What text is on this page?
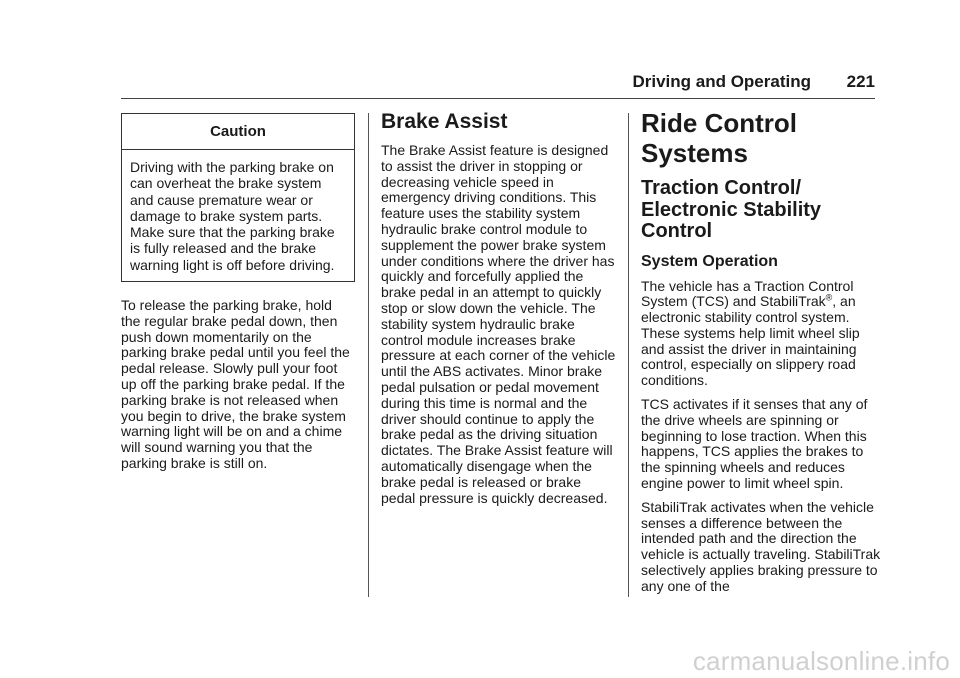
Driving and Operating 221
Caution
Driving with the parking brake on can overheat the brake system and cause premature wear or damage to brake system parts. Make sure that the parking brake is fully released and the brake warning light is off before driving.

To release the parking brake, hold the regular brake pedal down, then push down momentarily on the parking brake pedal until you feel the pedal release. Slowly pull your foot up off the parking brake pedal. If the parking brake is not released when you begin to drive, the brake system warning light will be on and a chime will sound warning you that the parking brake is still on.

Brake Assist

The Brake Assist feature is designed to assist the driver in stopping or decreasing vehicle speed in emergency driving conditions. This feature uses the stability system hydraulic brake control module to supplement the power brake system under conditions where the driver has quickly and forcefully applied the brake pedal in an attempt to quickly stop or slow down the vehicle. The stability system hydraulic brake control module increases brake pressure at each corner of the vehicle until the ABS activates. Minor brake pedal pulsation or pedal movement during this time is normal and the driver should continue to apply the brake pedal as the driving situation dictates. The Brake Assist feature will automatically disengage when the brake pedal is released or brake pedal pressure is quickly decreased.

Ride Control Systems
Traction Control/ Electronic Stability Control
System Operation

The vehicle has a Traction Control System (TCS) and StabiliTrak®, an electronic stability control system. These systems help limit wheel slip and assist the driver in maintaining control, especially on slippery road conditions.

TCS activates if it senses that any of the drive wheels are spinning or beginning to lose traction. When this happens, TCS applies the brakes to the spinning wheels and reduces engine power to limit wheel spin.

StabiliTrak activates when the vehicle senses a difference between the intended path and the direction the vehicle is actually traveling. StabiliTrak selectively applies braking pressure to any one of the

carmanualsonline.info
